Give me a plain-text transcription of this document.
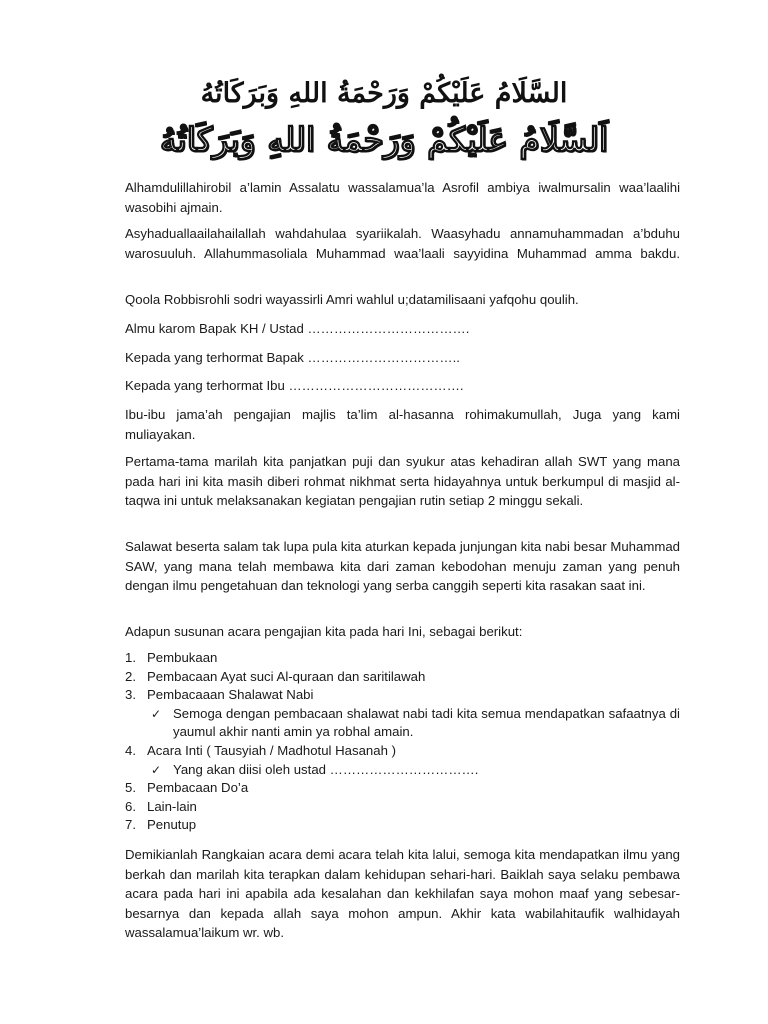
السَّلَامُ عَلَيْكُمْ وَرَحْمَةُ اللهِ وَبَرَكَاتُهُ
اَلسَّلَامُ عَلَيْكُمْ وَرَحْمَةُ اللهِ وَبَرَكَاتُهُ

Alhamdulillahirobil a’lamin Assalatu wassalamua’la Asrofil ambiya iwalmursalin waa’laalihi wasobihi ajmain.

Asyhaduallaailahailallah wahdahulaa syariikalah. Waasyhadu annamuhammadan a’bduhu warosuuluh. Allahummasoliala Muhammad waa’laali sayyidina Muhammad amma bakdu.

Qoola Robbisrohli sodri wayassirli Amri wahlul u;datamilisaani yafqohu qoulih.

Almu karom Bapak KH / Ustad ……………………………….

Kepada yang terhormat Bapak ……………………………..

Kepada yang terhormat Ibu ………………………………….

Ibu-ibu jama’ah pengajian majlis ta’lim al-hasanna rohimakumullah, Juga yang kami muliayakan.

Pertama-tama marilah kita panjatkan puji dan syukur atas kehadiran allah SWT yang mana pada hari ini kita masih diberi rohmat nikhmat serta hidayahnya untuk berkumpul di masjid al-taqwa ini untuk melaksanakan kegiatan pengajian rutin setiap 2 minggu sekali.

Salawat beserta salam tak lupa pula kita aturkan kepada junjungan kita nabi besar Muhammad SAW, yang mana telah membawa kita dari zaman kebodohan menuju zaman yang penuh dengan ilmu pengetahuan dan teknologi yang serba canggih seperti kita rasakan saat ini.

Adapun susunan acara pengajian kita pada hari Ini, sebagai berikut:

1. Pembukaan
2. Pembacaan Ayat suci Al-quraan dan saritilawah
3. Pembacaaan Shalawat Nabi
✓ Semoga dengan pembacaan shalawat nabi tadi kita semua mendapatkan safaatnya di yaumul akhir nanti amin ya robhal amain.
4. Acara Inti ( Tausyiah / Madhotul Hasanah )
✓ Yang akan diisi oleh ustad …………………………….
5. Pembacaan Do’a
6. Lain-lain
7. Penutup

Demikianlah Rangkaian acara demi acara telah kita lalui, semoga kita mendapatkan ilmu yang berkah dan marilah kita terapkan dalam kehidupan sehari-hari. Baiklah saya selaku pembawa acara pada hari ini apabila ada kesalahan dan kekhilafan saya mohon maaf yang sebesar-besarnya dan kepada allah saya mohon ampun. Akhir kata wabilahitaufik walhidayah wassalamua’laikum wr. wb.
